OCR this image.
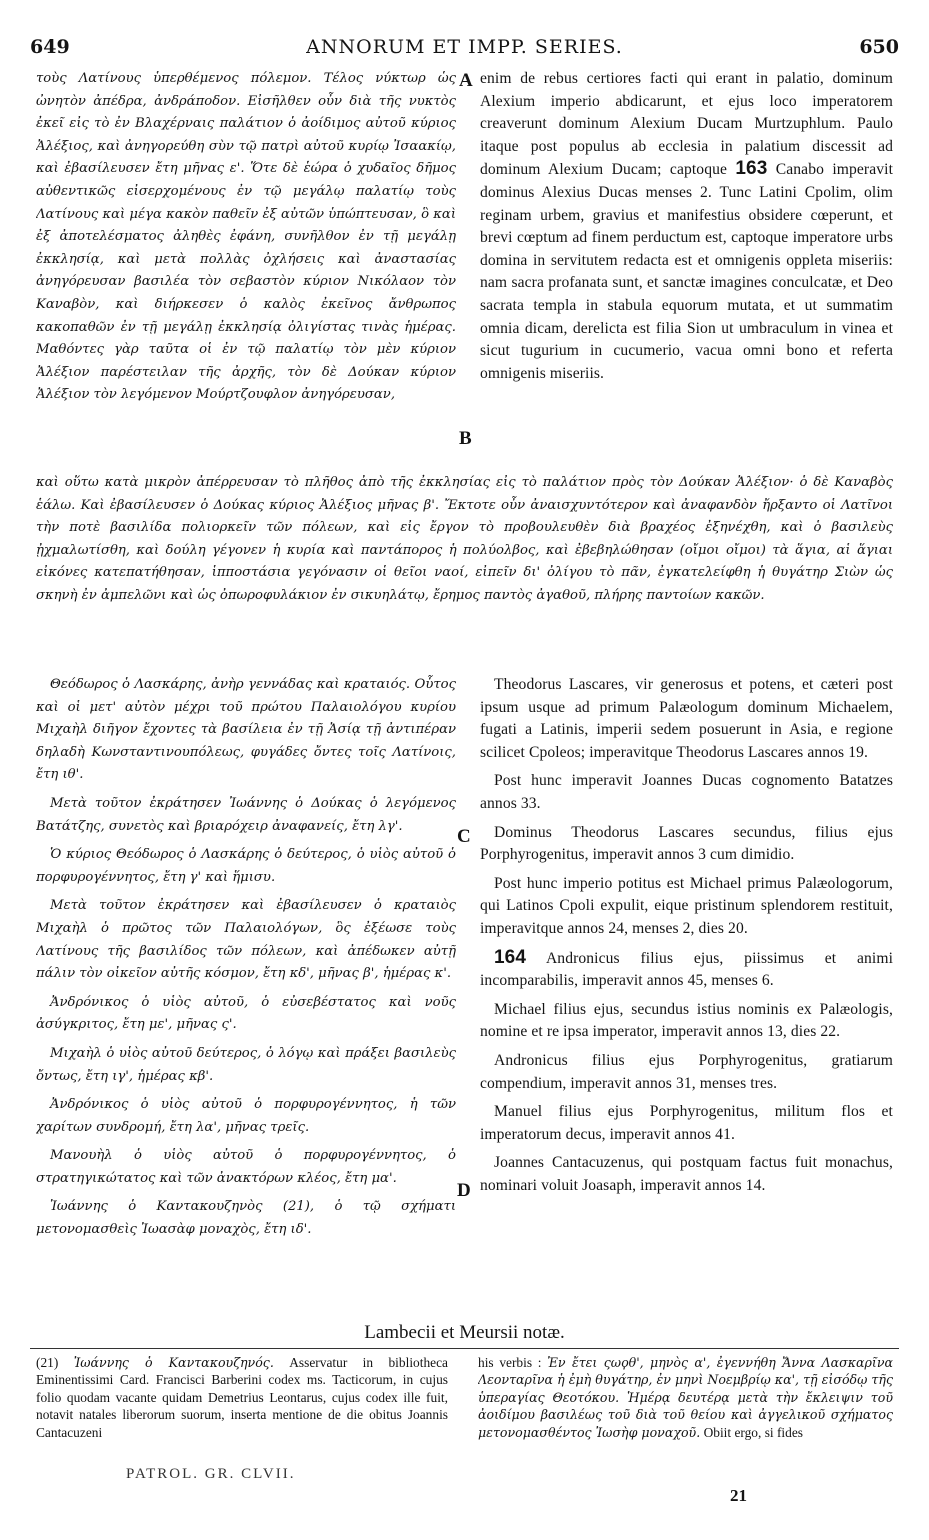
649	ANNORUM ET IMPP. SERIES.	650

τοὺς Λατίνους ὑπερθέμενος πόλεμον. Τέλος νύκτωρ ὡς ὠνητὸν ἀπέδρα, ἀνδράποδον. Εἰσῆλθεν οὖν διὰ τῆς νυκτὸς ἐκεῖ εἰς τὸ ἐν Βλαχέρναις παλάτιον ὁ ἀοίδιμος αὐτοῦ κύριος Ἀλέξιος, καὶ ἀνηγορεύθη σὺν τῷ πατρὶ αὐτοῦ κυρίῳ Ἰσαακίῳ, καὶ ἐβασίλευσεν ἔτη μῆνας ε'. Ὅτε δὲ ἑώρα ὁ χυδαῖος δῆμος αὐθεντικῶς εἰσερχομένους ἐν τῷ μεγάλῳ παλατίῳ τοὺς Λατίνους καὶ μέγα κακὸν παθεῖν ἐξ αὐτῶν ὑπώπτευσαν, ὃ καὶ ἐξ ἀποτελέσματος ἀληθὲς ἐφάνη, συνῆλθον ἐν τῇ μεγάλῃ ἐκκλησίᾳ, καὶ μετὰ πολλὰς ὀχλήσεις καὶ ἀναστασίας ἀνηγόρευσαν βασιλέα τὸν σεβαστὸν κύριον Νικόλαον τὸν Καναβὸν, καὶ διήρκεσεν ὁ καλὸς ἐκεῖνος ἄνθρωπος κακοπαθῶν ἐν τῇ μεγάλῃ ἐκκλησίᾳ ὀλιγίστας τινὰς ἡμέρας. Μαθόντες γὰρ ταῦτα οἱ ἐν τῷ παλατίῳ τὸν μὲν κύριον Ἀλέξιον παρέστειλαν τῆς ἀρχῆς, τὸν δὲ Δούκαν κύριον Ἀλέξιον τὸν λεγόμενον Μούρτζουφλον ἀνηγόρευσαν,

A
B

enim de rebus certiores facti qui erant in palatio, dominum Alexium imperio abdicarunt, et ejus loco imperatorem creaverunt dominum Alexium Ducam Murtzuphlum. Paulo itaque post populus ab ecclesia in palatium discessit ad dominum Alexium Ducam; captoque 163 Canabo imperavit dominus Alexius Ducas menses 2. Tunc Latini Cpolim, olim reginam urbem, gravius et manifestius obsidere cœperunt, et brevi cœptum ad finem perductum est, captoque imperatore urbs domina in servitutem redacta est et omnigenis oppleta miseriis: nam sacra profanata sunt, et sanctæ imagines conculcatæ, et Deo sacrata templa in stabula equorum mutata, et ut summatim omnia dicam, derelicta est filia Sion ut umbraculum in vinea et sicut tugurium in cucumerio, vacua omni bono et referta omnigenis miseriis.

καὶ οὕτω κατὰ μικρὸν ἀπέρρευσαν τὸ πλῆθος ἀπὸ τῆς ἐκκλησίας εἰς τὸ παλάτιον πρὸς τὸν Δούκαν Ἀλέξιον· ὁ δὲ Καναβὸς ἑάλω. Καὶ ἐβασίλευσεν ὁ Δούκας κύριος Ἀλέξιος μῆνας β'. Ἔκτοτε οὖν ἀναισχυντότερον καὶ ἀναφανδὸν ἤρξαντο οἱ Λατῖνοι τὴν ποτὲ βασιλίδα πολιορκεῖν τῶν πόλεων, καὶ εἰς ἔργον τὸ προβουλευθὲν διὰ βραχέος ἐξηνέχθη, καὶ ὁ βασιλεὺς ᾐχμαλωτίσθη, καὶ δούλη γέγονεν ἡ κυρία καὶ παντάπορος ἡ πολύολβος, καὶ ἐβεβηλώθησαν (οἴμοι οἴμοι) τὰ ἅγια, αἱ ἅγιαι εἰκόνες κατεπατήθησαν, ἱπποστάσια γεγόνασιν οἱ θεῖοι ναοί, εἰπεῖν δι' ὀλίγου τὸ πᾶν, ἐγκατελείφθη ἡ θυγάτηρ Σιὼν ὡς σκηνὴ ἐν ἀμπελῶνι καὶ ὡς ὀπωροφυλάκιον ἐν σικυηλάτῳ, ἔρημος παντὸς ἀγαθοῦ, πλήρης παντοίων κακῶν.

Θεόδωρος ὁ Λασκάρης, ἀνὴρ γεννάδας καὶ κραταιός. Οὗτος καὶ οἱ μετ' αὐτὸν μέχρι τοῦ πρώτου Παλαιολόγου κυρίου Μιχαὴλ διῆγον ἔχοντες τὰ βασίλεια ἐν τῇ Ἀσίᾳ τῇ ἀντιπέραν δηλαδὴ Κωνσταντινουπόλεως, φυγάδες ὄντες τοῖς Λατίνοις, ἔτη ιθ'.

Μετὰ τοῦτον ἐκράτησεν Ἰωάννης ὁ Δούκας ὁ λεγόμενος Βατάτζης, συνετὸς καὶ βριαρόχειρ ἀναφανείς, ἔτη λγ'.

Ὁ κύριος Θεόδωρος ὁ Λασκάρης ὁ δεύτερος, ὁ υἱὸς αὐτοῦ ὁ πορφυρογέννητος, ἔτη γ' καὶ ἥμισυ.

Μετὰ τοῦτον ἐκράτησεν καὶ ἐβασίλευσεν ὁ κραταιὸς Μιχαὴλ ὁ πρῶτος τῶν Παλαιολόγων, ὃς ἐξέωσε τοὺς Λατίνους τῆς βασιλίδος τῶν πόλεων, καὶ ἀπέδωκεν αὐτῇ πάλιν τὸν οἰκεῖον αὐτῆς κόσμον, ἔτη κδ', μῆνας β', ἡμέρας κ'.

Ἀνδρόνικος ὁ υἱὸς αὐτοῦ, ὁ εὐσεβέστατος καὶ νοῦς ἀσύγκριτος, ἔτη με', μῆνας ς'.

Μιχαὴλ ὁ υἱὸς αὐτοῦ δεύτερος, ὁ λόγῳ καὶ πράξει βασιλεὺς ὄντως, ἔτη ιγ', ἡμέρας κβ'.

Ἀνδρόνικος ὁ υἱὸς αὐτοῦ ὁ πορφυρογέννητος, ἡ τῶν χαρίτων συνδρομή, ἔτη λα', μῆνας τρεῖς.

Μανουὴλ ὁ υἱὸς αὐτοῦ ὁ πορφυρογέννητος, ὁ στρατηγικώτατος καὶ τῶν ἀνακτόρων κλέος, ἔτη μα'.

Ἰωάννης ὁ Καντακουζηνὸς (21), ὁ τῷ σχήματι μετονομασθεὶς Ἰωασὰφ μοναχὸς, ἔτη ιδ'.

C
D

Theodorus Lascares, vir generosus et potens, et cæteri post ipsum usque ad primum Palæologum dominum Michaelem, fugati a Latinis, imperii sedem posuerunt in Asia, e regione scilicet Cpoleos; imperavitque Theodorus Lascares annos 19.

Post hunc imperavit Joannes Ducas cognomento Batatzes annos 33.

Dominus Theodorus Lascares secundus, filius ejus Porphyrogenitus, imperavit annos 3 cum dimidio.

Post hunc imperio potitus est Michael primus Palæologorum, qui Latinos Cpoli expulit, eique pristinum splendorem restituit, imperavitque annos 24, menses 2, dies 20.

164 Andronicus filius ejus, piissimus et animi incomparabilis, imperavit annos 45, menses 6.

Michael filius ejus, secundus istius nominis ex Palæologis, nomine et re ipsa imperator, imperavit annos 13, dies 22.

Andronicus filius ejus Porphyrogenitus, gratiarum compendium, imperavit annos 31, menses tres.

Manuel filius ejus Porphyrogenitus, militum flos et imperatorum decus, imperavit annos 41.

Joannes Cantacuzenus, qui postquam factus fuit monachus, nominari voluit Joasaph, imperavit annos 14.

Lambecii et Meursii notæ.
(21) Ἰωάννης ὁ Καντακουζηνός. Asservatur in bibliotheca Eminentissimi Card. Francisci Barberini codex ms. Tacticorum, in cujus folio quodam vacante quidam Demetrius Leontarus, cujus codex ille fuit, notavit natales liberorum suorum, inserta mentione de die obitus Joannis Cantacuzeni
his verbis : Ἐν ἔτει ςωϙθ', μηνὸς α', ἐγεννήθη Ἄννα Λασκαρῖνα Λεονταρῖνα ἡ ἐμὴ θυγάτηρ, ἐν μηνὶ Νοεμβρίῳ κα', τῇ εἰσόδῳ τῆς ὑπεραγίας Θεοτόκου. Ἡμέρᾳ δευτέρᾳ μετὰ τὴν ἔκλειψιν τοῦ ἀοιδίμου βασιλέως τοῦ διὰ τοῦ θείου καὶ ἀγγελικοῦ σχήματος μετονομασθέντος Ἰωσὴφ μοναχοῦ. Obiit ergo, si fides
PATROL. GR. CLVII.
21
